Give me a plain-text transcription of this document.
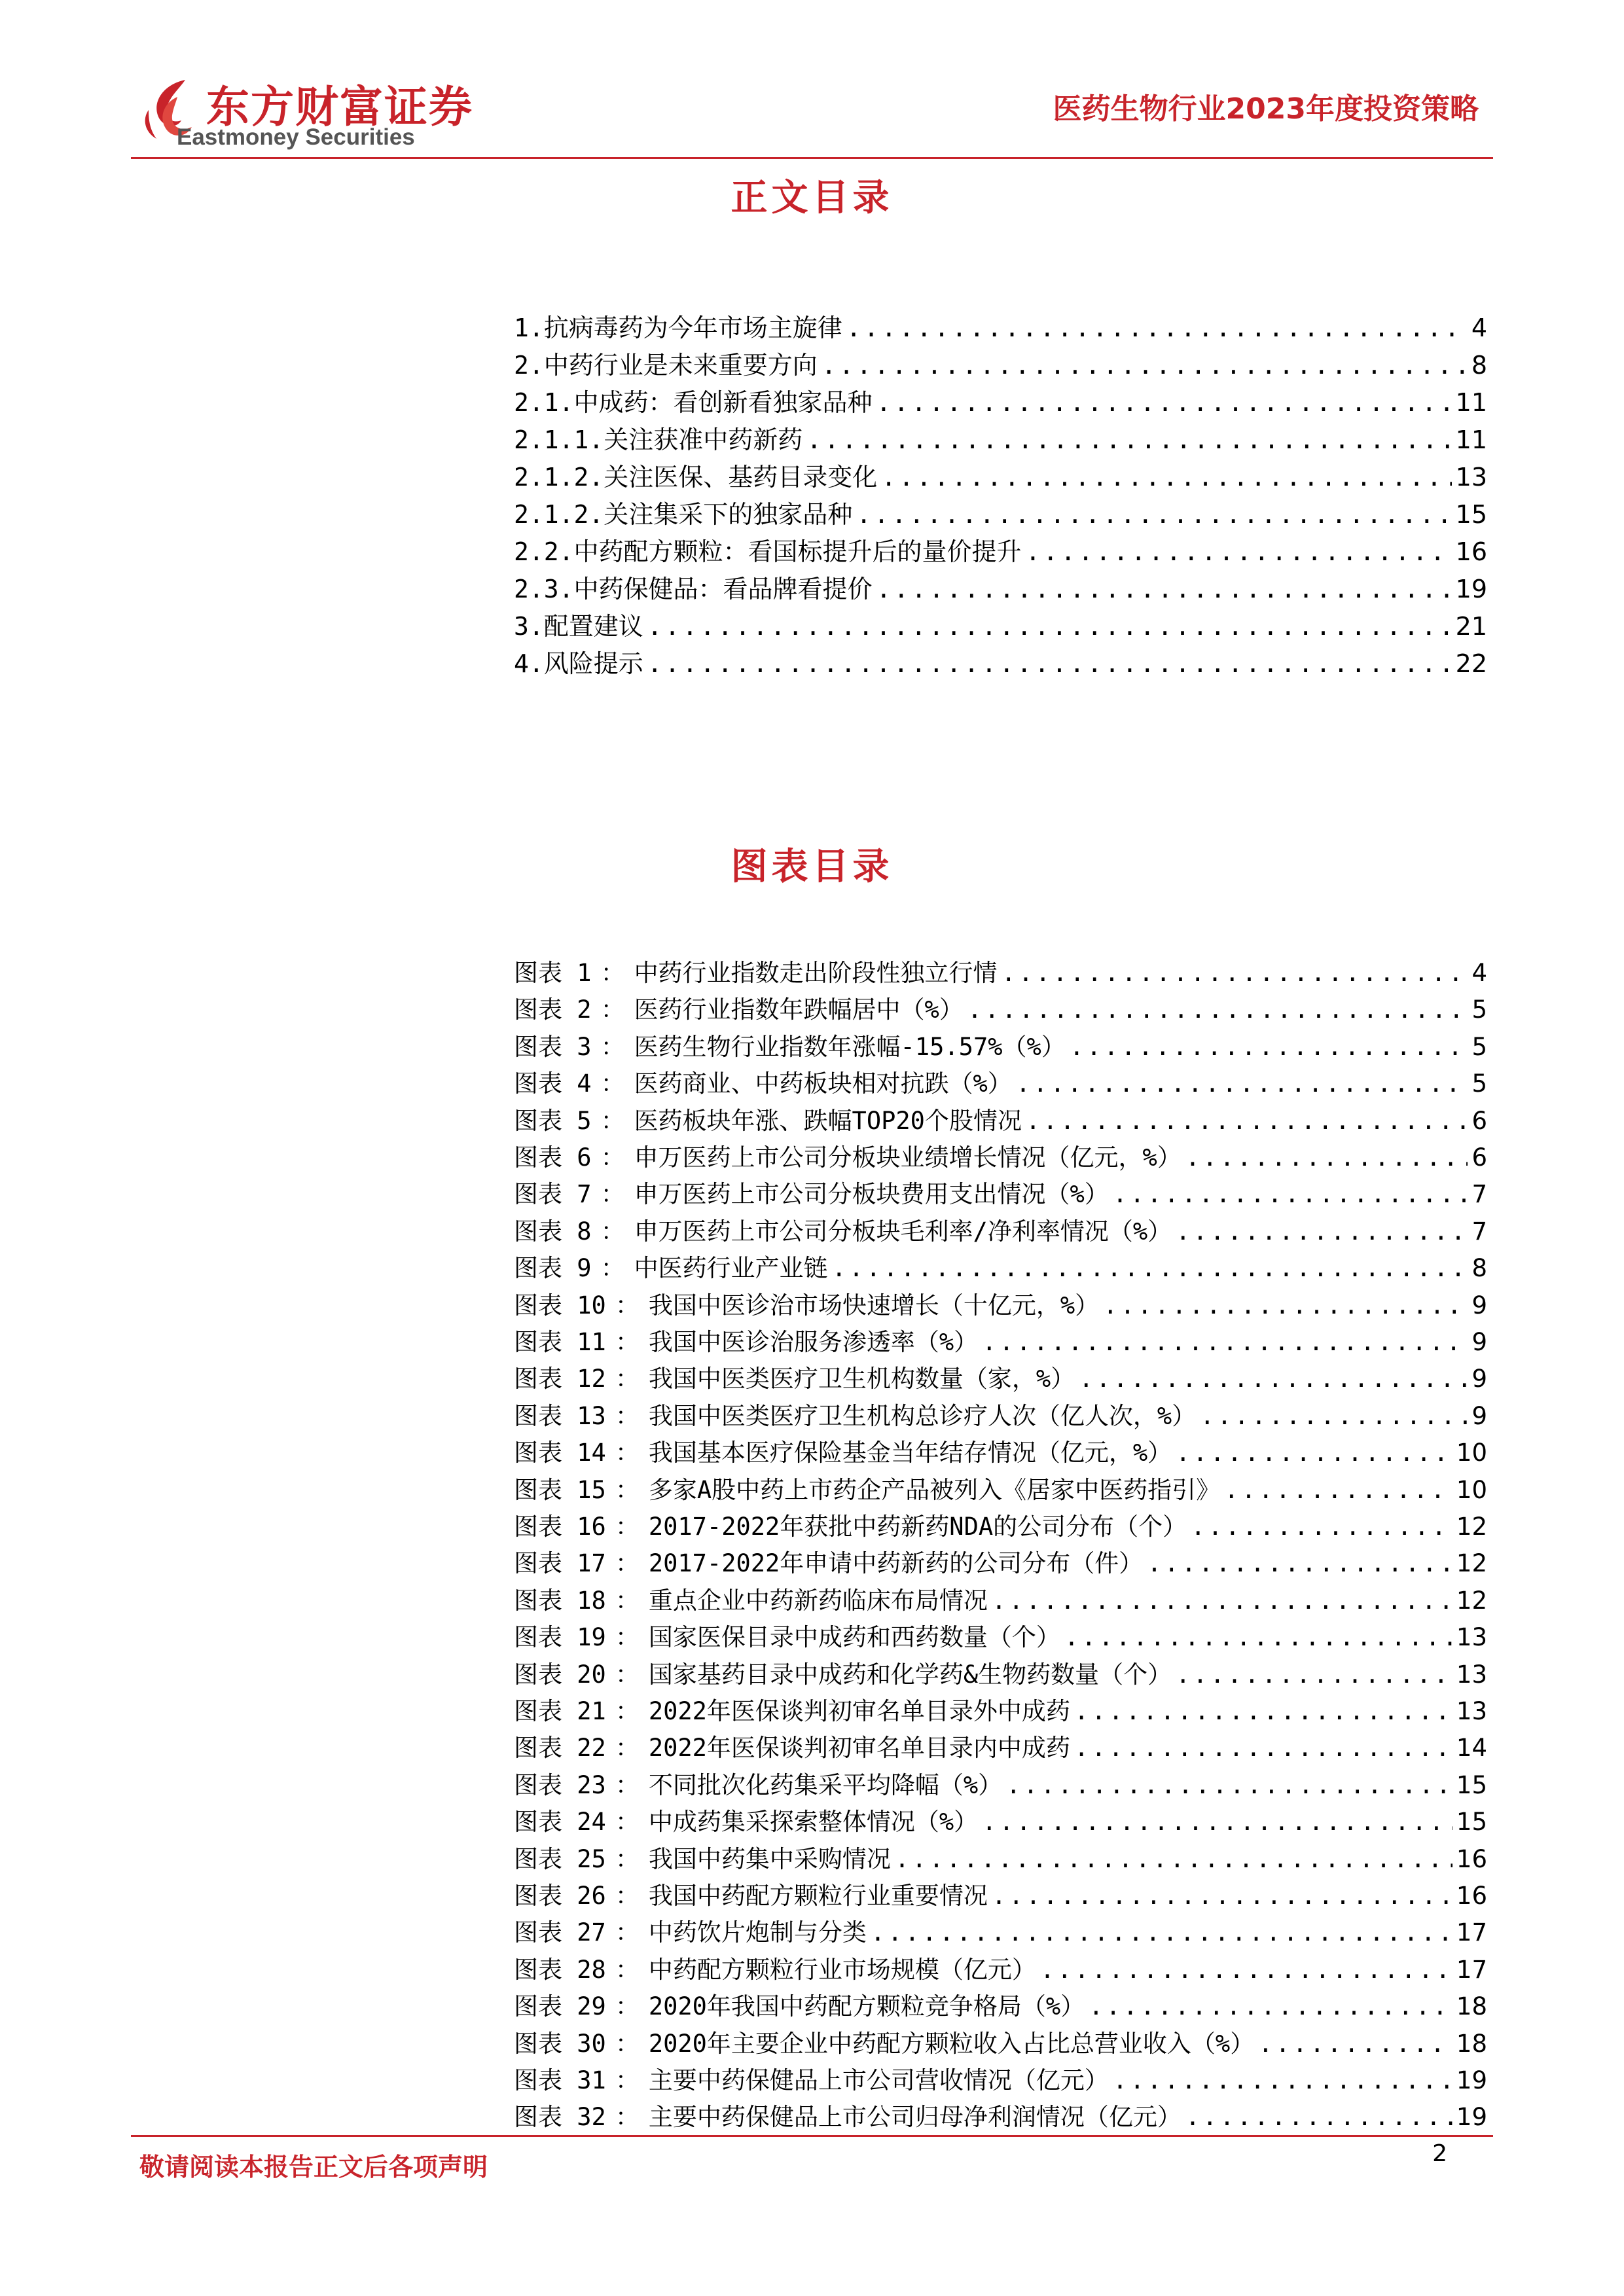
东方财富证券
Eastmoney Securities
医药生物行业2023年度投资策略
正文目录
1.抗病毒药为今年市场主旋律 .....	4
2.中药行业是未来重要方向 .....	8
2.1.中成药：看创新看独家品种 .....	11
2.1.1.关注获准中药新药 .....	11
2.1.2.关注医保、基药目录变化 .....	13
2.1.2.关注集采下的独家品种 .....	15
2.2.中药配方颗粒：看国标提升后的量价提升 .....	16
2.3.中药保健品：看品牌看提价 .....	19
3.配置建议 .....	21
4.风险提示 .....	22
图表目录
图表 1 ： 中药行业指数走出阶段性独立行情 .....	4
图表 2 ： 医药行业指数年跌幅居中（%） .....	5
图表 3 ： 医药生物行业指数年涨幅-15.57%（%） .....	5
图表 4 ： 医药商业、中药板块相对抗跌（%） .....	5
图表 5 ： 医药板块年涨、跌幅TOP20个股情况 .....	6
图表 6 ： 申万医药上市公司分板块业绩增长情况（亿元，%） .....	6
图表 7 ： 申万医药上市公司分板块费用支出情况（%） .....	7
图表 8 ： 申万医药上市公司分板块毛利率/净利率情况（%） .....	7
图表 9 ： 中医药行业产业链 .....	8
图表 10 ： 我国中医诊治市场快速增长（十亿元，%） .....	9
图表 11 ： 我国中医诊治服务渗透率（%） .....	9
图表 12 ： 我国中医类医疗卫生机构数量（家，%） .....	9
图表 13 ： 我国中医类医疗卫生机构总诊疗人次（亿人次，%） .....	9
图表 14 ： 我国基本医疗保险基金当年结存情况（亿元，%） .....	10
图表 15 ： 多家A股中药上市药企产品被列入《居家中医药指引》 .....	10
图表 16 ： 2017-2022年获批中药新药NDA的公司分布（个） .....	12
图表 17 ： 2017-2022年申请中药新药的公司分布（件） .....	12
图表 18 ： 重点企业中药新药临床布局情况 .....	12
图表 19 ： 国家医保目录中成药和西药数量（个） .....	13
图表 20 ： 国家基药目录中成药和化学药&生物药数量（个） .....	13
图表 21 ： 2022年医保谈判初审名单目录外中成药 .....	13
图表 22 ： 2022年医保谈判初审名单目录内中成药 .....	14
图表 23 ： 不同批次化药集采平均降幅（%） .....	15
图表 24 ： 中成药集采探索整体情况（%） .....	15
图表 25 ： 我国中药集中采购情况 .....	16
图表 26 ： 我国中药配方颗粒行业重要情况 .....	16
图表 27 ： 中药饮片炮制与分类 .....	17
图表 28 ： 中药配方颗粒行业市场规模（亿元） .....	17
图表 29 ： 2020年我国中药配方颗粒竞争格局（%） .....	18
图表 30 ： 2020年主要企业中药配方颗粒收入占比总营业收入（%） .....	18
图表 31 ： 主要中药保健品上市公司营收情况（亿元） .....	19
图表 32 ： 主要中药保健品上市公司归母净利润情况（亿元） .....	19
敬请阅读本报告正文后各项声明	2
